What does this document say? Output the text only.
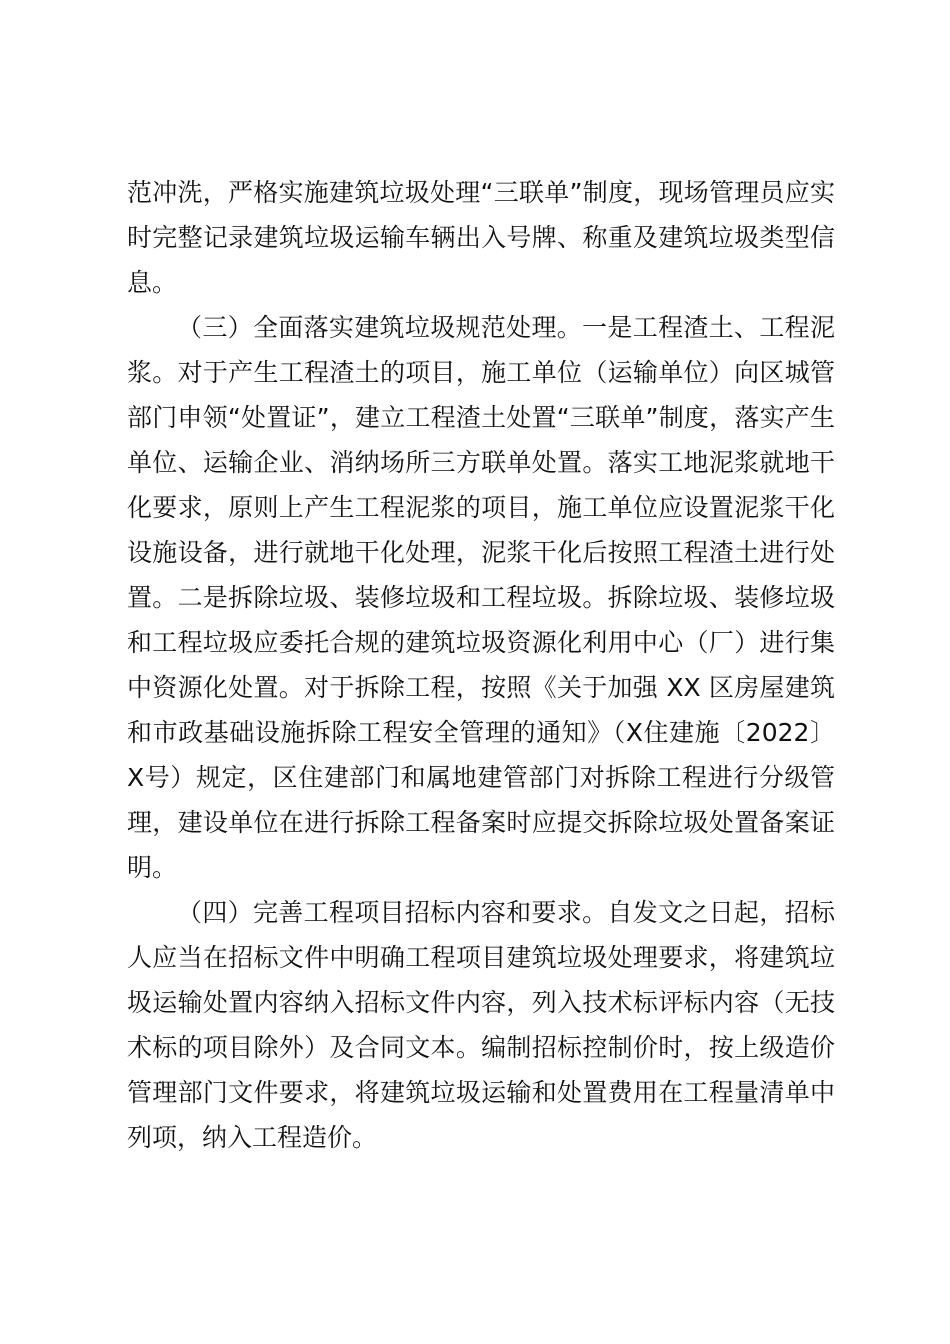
范冲洗，严格实施建筑垃圾处理“三联单”制度，现场管理员应实时完整记录建筑垃圾运输车辆出入号牌、称重及建筑垃圾类型信息。

（三）全面落实建筑垃圾规范处理。一是工程渣土、工程泥浆。对于产生工程渣土的项目，施工单位（运输单位）向区城管部门申领“处置证”，建立工程渣土处置“三联单”制度，落实产生单位、运输企业、消纳场所三方联单处置。落实工地泥浆就地干化要求，原则上产生工程泥浆的项目，施工单位应设置泥浆干化设施设备，进行就地干化处理，泥浆干化后按照工程渣土进行处置。二是拆除垃圾、装修垃圾和工程垃圾。拆除垃圾、装修垃圾和工程垃圾应委托合规的建筑垃圾资源化利用中心（厂）进行集中资源化处置。对于拆除工程，按照《关于加强 XX 区房屋建筑和市政基础设施拆除工程安全管理的通知》（X住建施〔2022〕X号）规定，区住建部门和属地建管部门对拆除工程进行分级管理，建设单位在进行拆除工程备案时应提交拆除垃圾处置备案证明。

（四）完善工程项目招标内容和要求。自发文之日起，招标人应当在招标文件中明确工程项目建筑垃圾处理要求，将建筑垃圾运输处置内容纳入招标文件内容，列入技术标评标内容（无技术标的项目除外）及合同文本。编制招标控制价时，按上级造价管理部门文件要求，将建筑垃圾运输和处置费用在工程量清单中列项，纳入工程造价。
